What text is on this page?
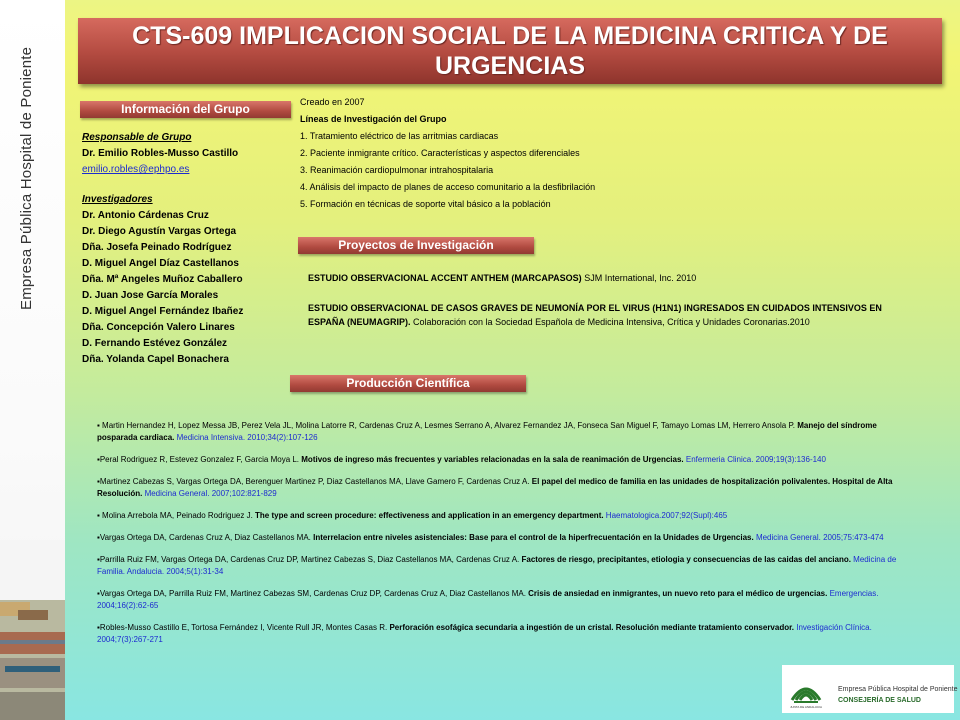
Empresa Pública Hospital de Poniente
CTS-609 IMPLICACION SOCIAL DE LA MEDICINA CRITICA Y DE URGENCIAS
Información del Grupo
Proyectos de Investigación
Producción Científica
Responsable de Grupo
Dr. Emilio Robles-Musso Castillo
emilio.robles@ephpo.es
Investigadores
Dr. Antonio Cárdenas Cruz
Dr. Diego Agustín Vargas Ortega
Dña. Josefa Peinado Rodríguez
D. Miguel Angel Díaz Castellanos
Dña. Mª Angeles Muñoz Caballero
D. Juan Jose García Morales
D. Miguel Angel Fernández Ibañez
Dña. Concepción Valero Linares
D. Fernando Estévez González
Dña. Yolanda Capel Bonachera
Creado en 2007
Líneas de Investigación del Grupo
1. Tratamiento eléctrico de las arritmias cardiacas
2. Paciente inmigrante crítico. Características y aspectos diferenciales
3. Reanimación cardiopulmonar intrahospitalaria
4. Análisis del impacto de planes de acceso comunitario a la desfibrilación
5. Formación en técnicas de soporte vital básico a la población
ESTUDIO OBSERVACIONAL ACCENT ANTHEM (MARCAPASOS) SJM International, Inc. 2010
ESTUDIO OBSERVACIONAL DE CASOS GRAVES DE NEUMONÍA POR EL VIRUS (H1N1) INGRESADOS EN CUIDADOS INTENSIVOS EN ESPAÑA (NEUMAGRIP). Colaboración con la Sociedad Española de Medicina Intensiva, Crítica y Unidades Coronarias.2010
▪ Martin Hernandez H, Lopez Messa JB, Perez Vela JL, Molina Latorre R, Cardenas Cruz A, Lesmes Serrano A, Alvarez Fernandez JA, Fonseca San Miguel F, Tamayo Lomas LM, Herrero Ansola P. Manejo del síndrome posparada cardiaca. Medicina Intensiva. 2010;34(2):107-126
▪Peral Rodriguez R, Estevez Gonzalez F, Garcia Moya L. Motivos de ingreso más frecuentes y variables relacionadas en la sala de reanimación de Urgencias. Enfermeria Clinica. 2009;19(3):136-140
▪Martinez Cabezas S, Vargas Ortega DA, Berenguer Martinez P, Diaz Castellanos MA, Llave Gamero F, Cardenas Cruz A. El papel del medico de familia en las unidades de hospitalización polivalentes. Hospital de Alta Resolución. Medicina General. 2007;102:821-829
▪ Molina Arrebola MA, Peinado Rodriguez J. The type and screen procedure: effectiveness and application in an emergency department. Haematologica.2007;92(Supl):465
▪Vargas Ortega DA, Cardenas Cruz A, Diaz Castellanos MA. Interrelacion entre niveles asistenciales: Base para el control de la hiperfrecuentación en la Unidades de Urgencias. Medicina General. 2005;75:473-474
▪Parrilla Ruiz FM, Vargas Ortega DA, Cardenas Cruz DP, Martinez Cabezas S, Diaz Castellanos MA, Cardenas Cruz A. Factores de riesgo, precipitantes, etiologia y consecuencias de las caidas del anciano. Medicina de Familia. Andalucia. 2004;5(1):31-34
▪Vargas Ortega DA, Parrilla Ruiz FM, Martinez Cabezas SM, Cardenas Cruz DP, Cardenas Cruz A, Diaz Castellanos MA. Crisis de ansiedad en inmigrantes, un nuevo reto para el médico de urgencias. Emergencias. 2004;16(2):62-65
▪Robles-Musso Castillo E, Tortosa Fernández I, Vicente Rull JR, Montes Casas R. Perforación esofágica secundaria a ingestión de un cristal. Resolución mediante tratamiento conservador. Investigación Clínica. 2004;7(3):267-271
JUNTA DE ANDALUCIA
Empresa Pública Hospital de Poniente
CONSEJERÍA DE SALUD
